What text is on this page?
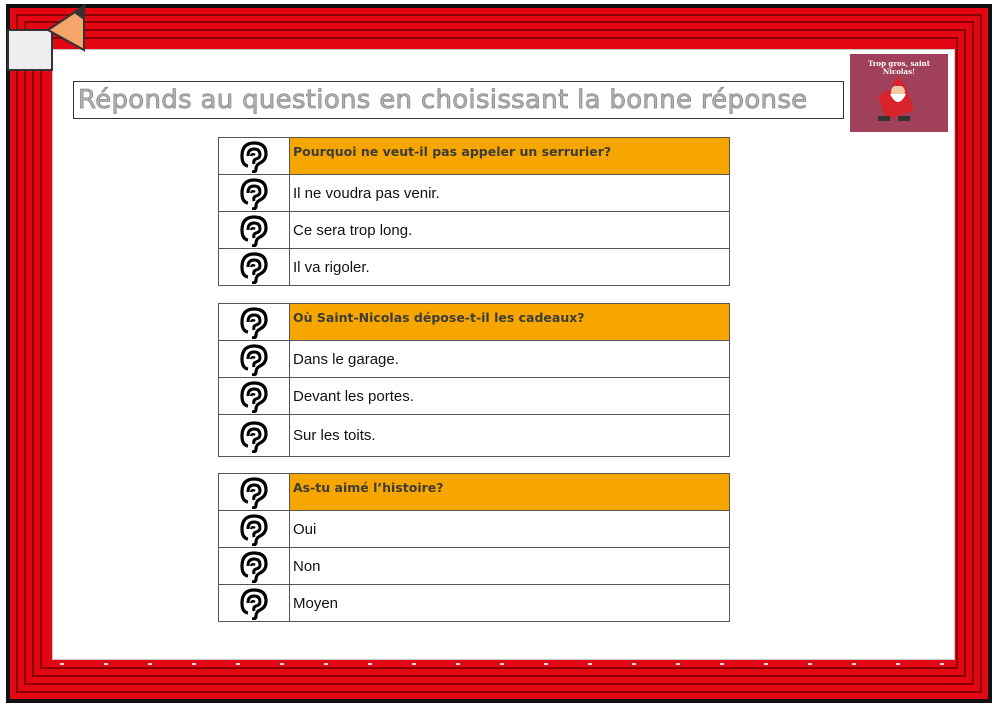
Réponds au questions en choisissant la bonne réponse
Trop gros, saint Nicolas!
	Pourquoi ne veut-il pas appeler un serrurier?
	Il ne voudra pas venir.
	Ce sera trop long.
	Il va rigoler.
	Où Saint-Nicolas dépose-t-il les cadeaux?
	Dans le garage.
	Devant les portes.
	Sur les toits.
	As-tu aimé l’histoire?
	Oui
	Non
	Moyen
